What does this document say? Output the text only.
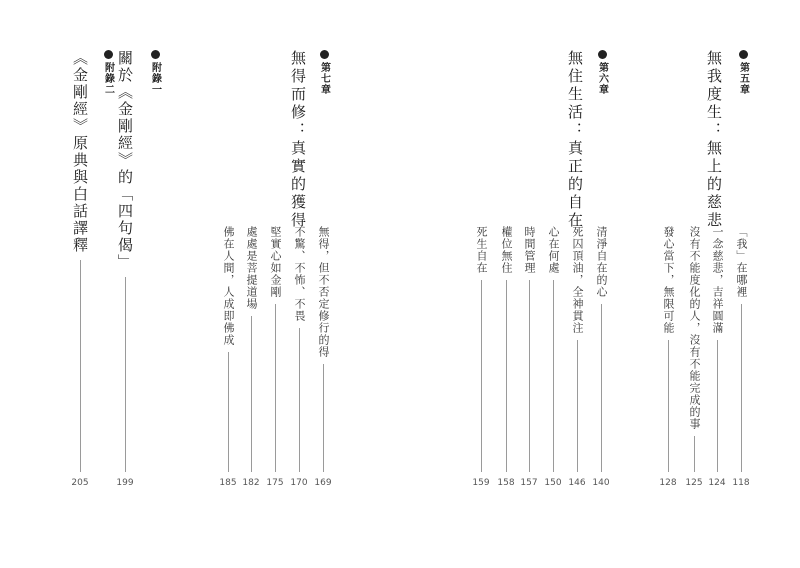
第五章
無我度生：無上的慈悲
「我」在哪裡
118
一念慈悲，吉祥圓滿
124
沒有不能度化的人，沒有不能完成的事
125
發心當下，無限可能
128
第六章
無住生活：真正的自在
清淨自在的心
140
死囚頂油，全神貫注
146
心在何處
150
時間管理
157
權位無住
158
死生自在
159
第七章
無得而修：真實的獲得
無得，但不否定修行的得
169
不驚、不怖、不畏
170
堅實心如金剛
175
處處是菩提道場
182
佛在人間，人成即佛成
185
附錄一
關於《金剛經》的「四句偈」
199
附錄二
《金剛經》原典與白話譯釋
205
